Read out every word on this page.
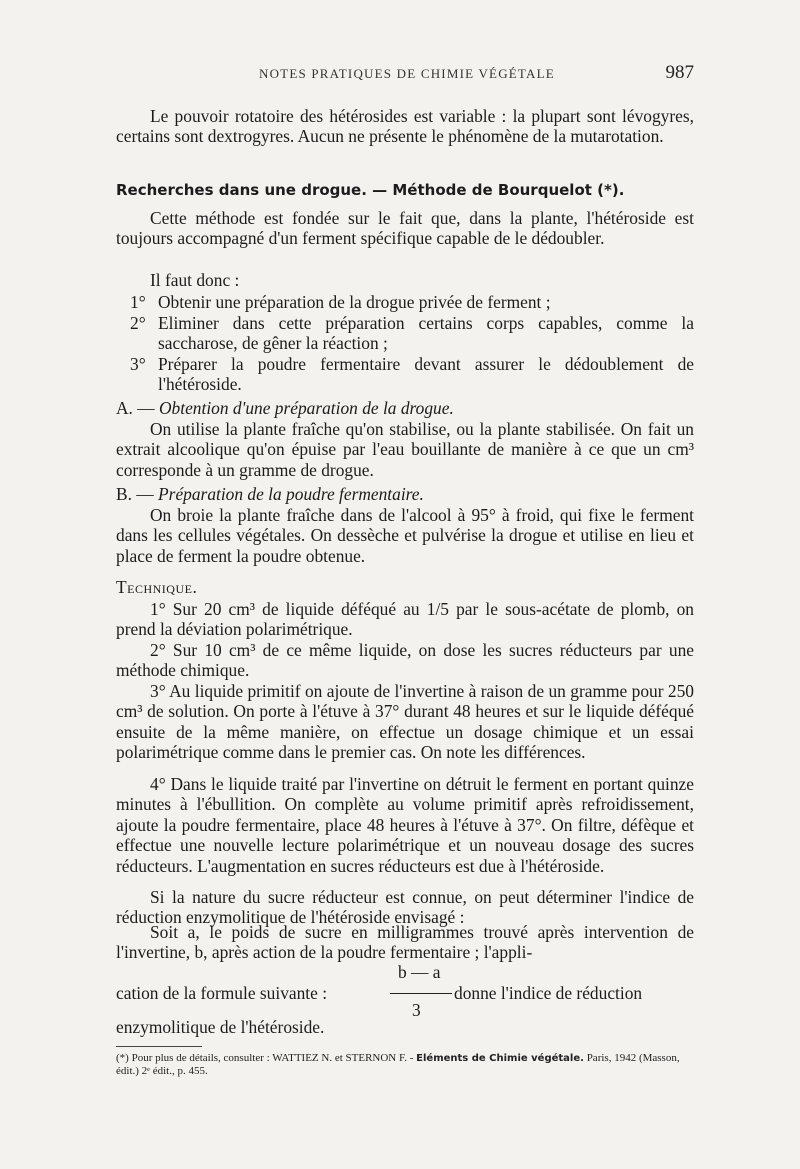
NOTES PRATIQUES DE CHIMIE VÉGÉTALE	987
Le pouvoir rotatoire des hétérosides est variable : la plupart sont lévogyres, certains sont dextrogyres. Aucun ne présente le phénomène de la mutarotation.
Recherches dans une drogue. — Méthode de Bourquelot (*).
Cette méthode est fondée sur le fait que, dans la plante, l'hétéroside est toujours accompagné d'un ferment spécifique capable de le dédoubler.
Il faut donc :
1° Obtenir une préparation de la drogue privée de ferment ;
2° Eliminer dans cette préparation certains corps capables, comme la saccharose, de gêner la réaction ;
3° Préparer la poudre fermentaire devant assurer le dédoublement de l'hétéroside.
A. — Obtention d'une préparation de la drogue.
On utilise la plante fraîche qu'on stabilise, ou la plante stabilisée. On fait un extrait alcoolique qu'on épuise par l'eau bouillante de manière à ce que un cm³ corresponde à un gramme de drogue.
B. — Préparation de la poudre fermentaire.
On broie la plante fraîche dans de l'alcool à 95° à froid, qui fixe le ferment dans les cellules végétales. On dessèche et pulvérise la drogue et utilise en lieu et place de ferment la poudre obtenue.
Technique.
1° Sur 20 cm³ de liquide déféqué au 1/5 par le sous-acétate de plomb, on prend la déviation polarimétrique.
2° Sur 10 cm³ de ce même liquide, on dose les sucres réducteurs par une méthode chimique.
3° Au liquide primitif on ajoute de l'invertine à raison de un gramme pour 250 cm³ de solution. On porte à l'étuve à 37° durant 48 heures et sur le liquide déféqué ensuite de la même manière, on effectue un dosage chimique et un essai polarimétrique comme dans le premier cas. On note les différences.
4° Dans le liquide traité par l'invertine on détruit le ferment en portant quinze minutes à l'ébullition. On complète au volume primitif après refroidissement, ajoute la poudre fermentaire, place 48 heures à l'étuve à 37°. On filtre, défèque et effectue une nouvelle lecture polarimétrique et un nouveau dosage des sucres réducteurs. L'augmentation en sucres réducteurs est due à l'hétéroside.
Si la nature du sucre réducteur est connue, on peut déterminer l'indice de réduction enzymolitique de l'hétéroside envisagé :
Soit a, le poids de sucre en milligrammes trouvé après intervention de l'invertine, b, après action de la poudre fermentaire ; l'appli-
cation de la formule suivante :
b — a
3
donne l'indice de réduction
enzymolitique de l'hétéroside.
(*) Pour plus de détails, consulter : WATTIEZ N. et STERNON F. - Eléments de Chimie végétale. Paris, 1942 (Masson, édit.) 2ᵉ édit., p. 455.
